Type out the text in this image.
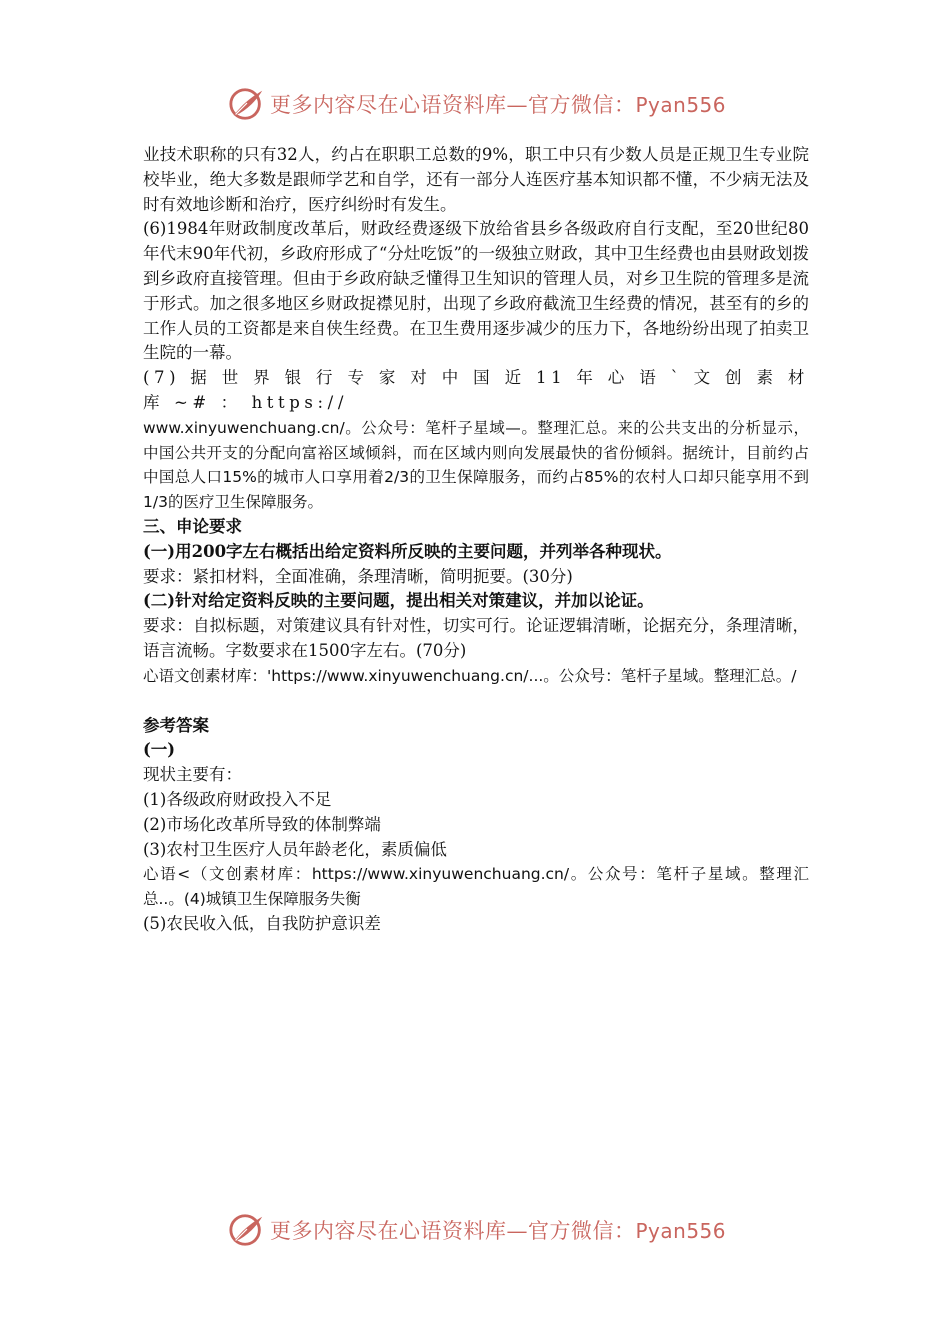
更多内容尽在心语资料库—官方微信：Pyan556

业技术职称的只有32人，约占在职职工总数的9%，职工中只有少数人员是正规卫生专业院校毕业，绝大多数是跟师学艺和自学，还有一部分人连医疗基本知识都不懂，不少病无法及时有效地诊断和治疗，医疗纠纷时有发生。

(6)1984年财政制度改革后，财政经费逐级下放给省县乡各级政府自行支配，至20世纪80年代末90年代初，乡政府形成了“分灶吃饭”的一级独立财政，其中卫生经费也由县财政划拨到乡政府直接管理。但由于乡政府缺乏懂得卫生知识的管理人员，对乡卫生院的管理多是流于形式。加之很多地区乡财政捉襟见肘，出现了乡政府截流卫生经费的情况，甚至有的乡的工作人员的工资都是来自侠生经费。在卫生费用逐步减少的压力下，各地纷纷出现了拍卖卫生院的一幕。

(7) 据 世 界 银 行 专 家 对 中 国 近 11 年 心 语 ` 文 创 素 材 库 ~# ： https://

www.xinyuwenchuang.cn/。公众号：笔杆子星域—。整理汇总。来的公共支出的分析显示，中国公共开支的分配向富裕区域倾斜，而在区域内则向发展最快的省份倾斜。据统计，目前约占中国总人口15%的城市人口享用着2/3的卫生保障服务，而约占85%的农村人口却只能享用不到1/3的医疗卫生保障服务。

三、申论要求

(一)用200字左右概括出给定资料所反映的主要问题，并列举各种现状。

要求：紧扣材料，全面准确，条理清晰，简明扼要。(30分)

(二)针对给定资料反映的主要问题，提出相关对策建议，并加以论证。

要求：自拟标题，对策建议具有针对性，切实可行。论证逻辑清晰，论据充分，条理清晰，语言流畅。字数要求在1500字左右。(70分)

心语文创素材库：'https://www.xinyuwenchuang.cn/...。公众号：笔杆子星域。整理汇总。/

参考答案

(一)

现状主要有：

(1)各级政府财政投入不足

(2)市场化改革所导致的体制弊端

(3)农村卫生医疗人员年龄老化，素质偏低

心语<（文创素材库：https://www.xinyuwenchuang.cn/。公众号：笔杆子星域。整理汇总..。(4)城镇卫生保障服务失衡

(5)农民收入低，自我防护意识差

更多内容尽在心语资料库—官方微信：Pyan556
